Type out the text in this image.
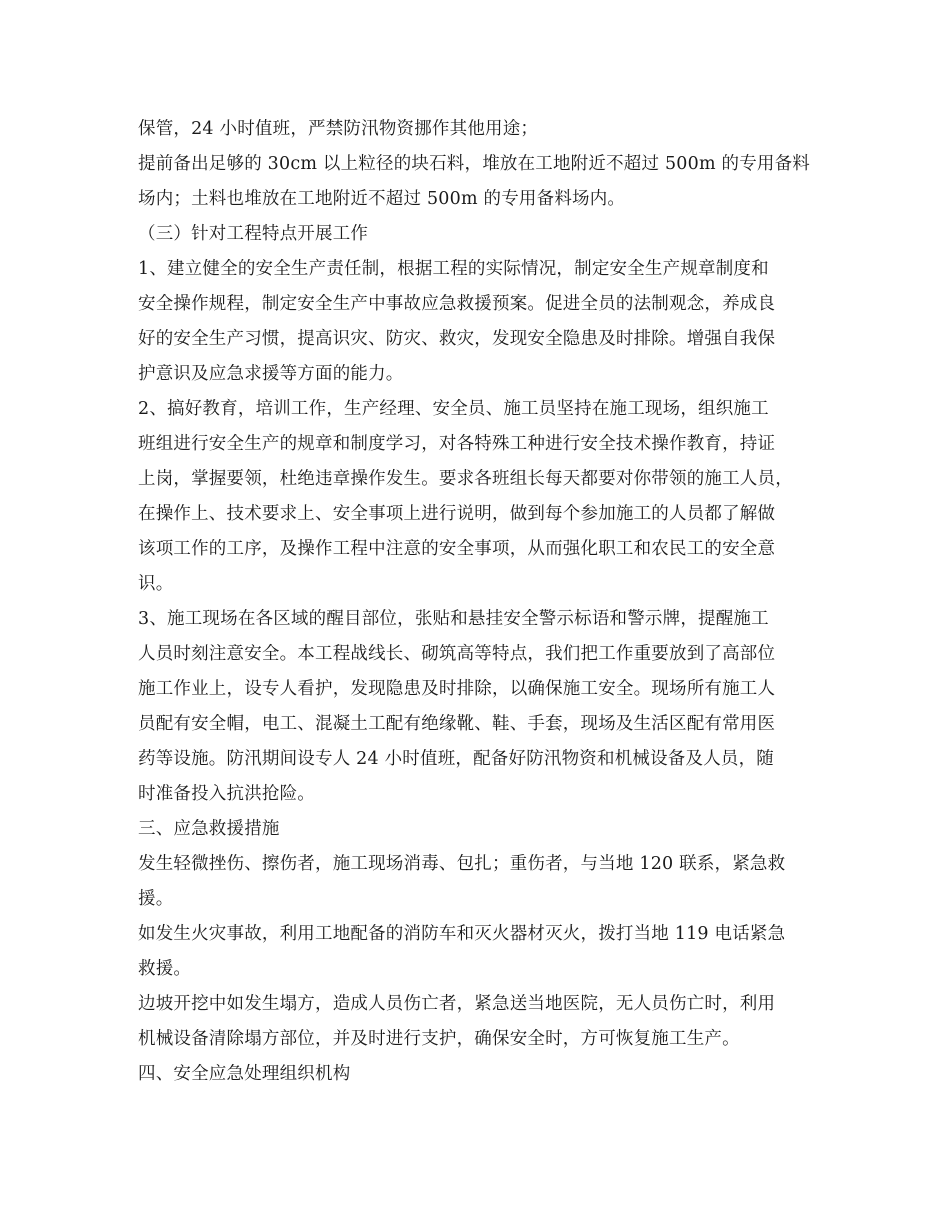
保管，24 小时值班，严禁防汛物资挪作其他用途；
提前备出足够的 30cm 以上粒径的块石料，堆放在工地附近不超过 500m 的专用备料
场内；土料也堆放在工地附近不超过 500m 的专用备料场内。
（三）针对工程特点开展工作
1、建立健全的安全生产责任制，根据工程的实际情况，制定安全生产规章制度和
安全操作规程，制定安全生产中事故应急救援预案。促进全员的法制观念，养成良
好的安全生产习惯，提高识灾、防灾、救灾，发现安全隐患及时排除。增强自我保
护意识及应急求援等方面的能力。
2、搞好教育，培训工作，生产经理、安全员、施工员坚持在施工现场，组织施工
班组进行安全生产的规章和制度学习，对各特殊工种进行安全技术操作教育，持证
上岗，掌握要领，杜绝违章操作发生。要求各班组长每天都要对你带领的施工人员，
在操作上、技术要求上、安全事项上进行说明，做到每个参加施工的人员都了解做
该项工作的工序，及操作工程中注意的安全事项，从而强化职工和农民工的安全意
识。
3、施工现场在各区域的醒目部位，张贴和悬挂安全警示标语和警示牌，提醒施工
人员时刻注意安全。本工程战线长、砌筑高等特点，我们把工作重要放到了高部位
施工作业上，设专人看护，发现隐患及时排除，以确保施工安全。现场所有施工人
员配有安全帽，电工、混凝土工配有绝缘靴、鞋、手套，现场及生活区配有常用医
药等设施。防汛期间设专人 24 小时值班，配备好防汛物资和机械设备及人员，随
时准备投入抗洪抢险。
三、应急救援措施
发生轻微挫伤、擦伤者，施工现场消毒、包扎；重伤者，与当地 120 联系，紧急救
援。
如发生火灾事故，利用工地配备的消防车和灭火器材灭火，拨打当地 119 电话紧急
救援。
边坡开挖中如发生塌方，造成人员伤亡者，紧急送当地医院，无人员伤亡时，利用
机械设备清除塌方部位，并及时进行支护，确保安全时，方可恢复施工生产。
四、安全应急处理组织机构
